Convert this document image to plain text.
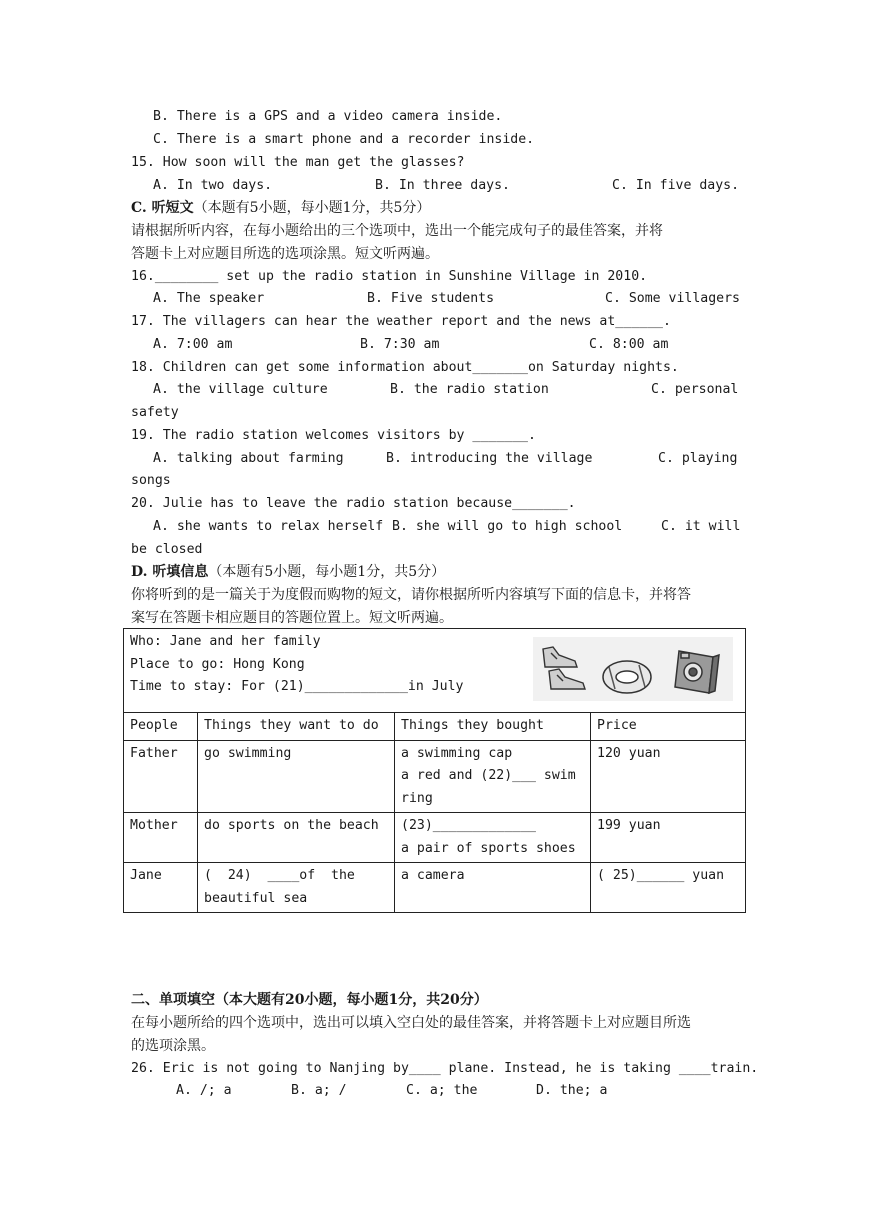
B. There is a GPS and a video camera inside.
C. There is a smart phone and a recorder inside.
15. How soon will the man get the glasses?
A. In two days.	B. In three days.	C. In five days.
C. 听短文（本题有5小题，每小题1分，共5分）
请根据所听内容，在每小题给出的三个选项中，选出一个能完成句子的最佳答案，并将
答题卡上对应题目所选的选项涂黑。短文听两遍。
16.________ set up the radio station in Sunshine Village in 2010.
A. The speaker	B. Five students	C. Some villagers
17. The villagers can hear the weather report and the news at______.
A. 7:00 am	B. 7:30 am	C. 8:00 am
18. Children can get some information about_______on Saturday nights.
A. the village culture	B. the radio station	C. personal
safety
19. The radio station welcomes visitors by _______.
A. talking about farming	B. introducing the village	C. playing
songs
20. Julie has to leave the radio station because_______.
A. she wants to relax herself B. she will go to high school	C. it will
be closed
D. 听填信息（本题有5小题，每小题1分，共5分）
你将听到的是一篇关于为度假而购物的短文，请你根据所听内容填写下面的信息卡，并将答
案写在答题卡相应题目的答题位置上。短文听两遍。
Who: Jane and her family
Place to go: Hong Kong
Time to stay: For (21)_____________in July			

People	Things they want to do	Things they bought	Price
Father	go swimming	a swimming cap
a red and (22)___ swim
ring	120 yuan
Mother	do sports on the beach	(23)_____________
a pair of sports shoes	199 yuan
Jane	(  24)  ____of  the
beautiful sea	a camera	( 25)______ yuan
二、单项填空（本大题有20小题，每小题1分，共20分）
在每小题所给的四个选项中，选出可以填入空白处的最佳答案，并将答题卡上对应题目所选
的选项涂黑。
26. Eric is not going to Nanjing by____ plane. Instead, he is taking ____train.
A. /; a	B. a; /	C. a; the	D. the; a
